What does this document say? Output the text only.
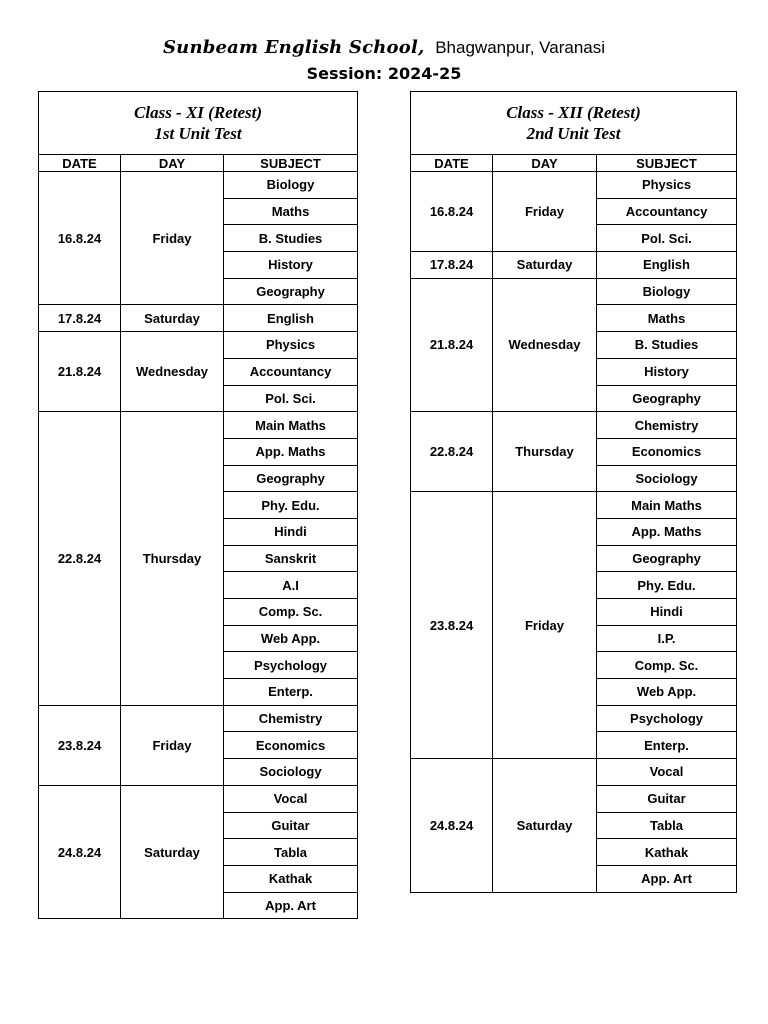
Sunbeam English School, Bhagwanpur, Varanasi
Session: 2024-25
Class - XI (Retest)
1st Unit Test		

DATE	DAY	SUBJECT
16.8.24	Friday	Biology
		Maths
		B. Studies
		History
		Geography
17.8.24	Saturday	English
21.8.24	Wednesday	Physics
		Accountancy
		Pol. Sci.
22.8.24	Thursday	Main Maths
		App. Maths
		Geography
		Phy. Edu.
		Hindi
		Sanskrit
		A.I
		Comp. Sc.
		Web App.
		Psychology
		Enterp.
23.8.24	Friday	Chemistry
		Economics
		Sociology
24.8.24	Saturday	Vocal
		Guitar
		Tabla
		Kathak
		App. Art
Class - XII (Retest)
2nd Unit Test		

DATE	DAY	SUBJECT
16.8.24	Friday	Physics
		Accountancy
		Pol. Sci.
17.8.24	Saturday	English
21.8.24	Wednesday	Biology
		Maths
		B. Studies
		History
		Geography
22.8.24	Thursday	Chemistry
		Economics
		Sociology
23.8.24	Friday	Main Maths
		App. Maths
		Geography
		Phy. Edu.
		Hindi
		I.P.
		Comp. Sc.
		Web App.
		Psychology
		Enterp.
24.8.24	Saturday	Vocal
		Guitar
		Tabla
		Kathak
		App. Art
